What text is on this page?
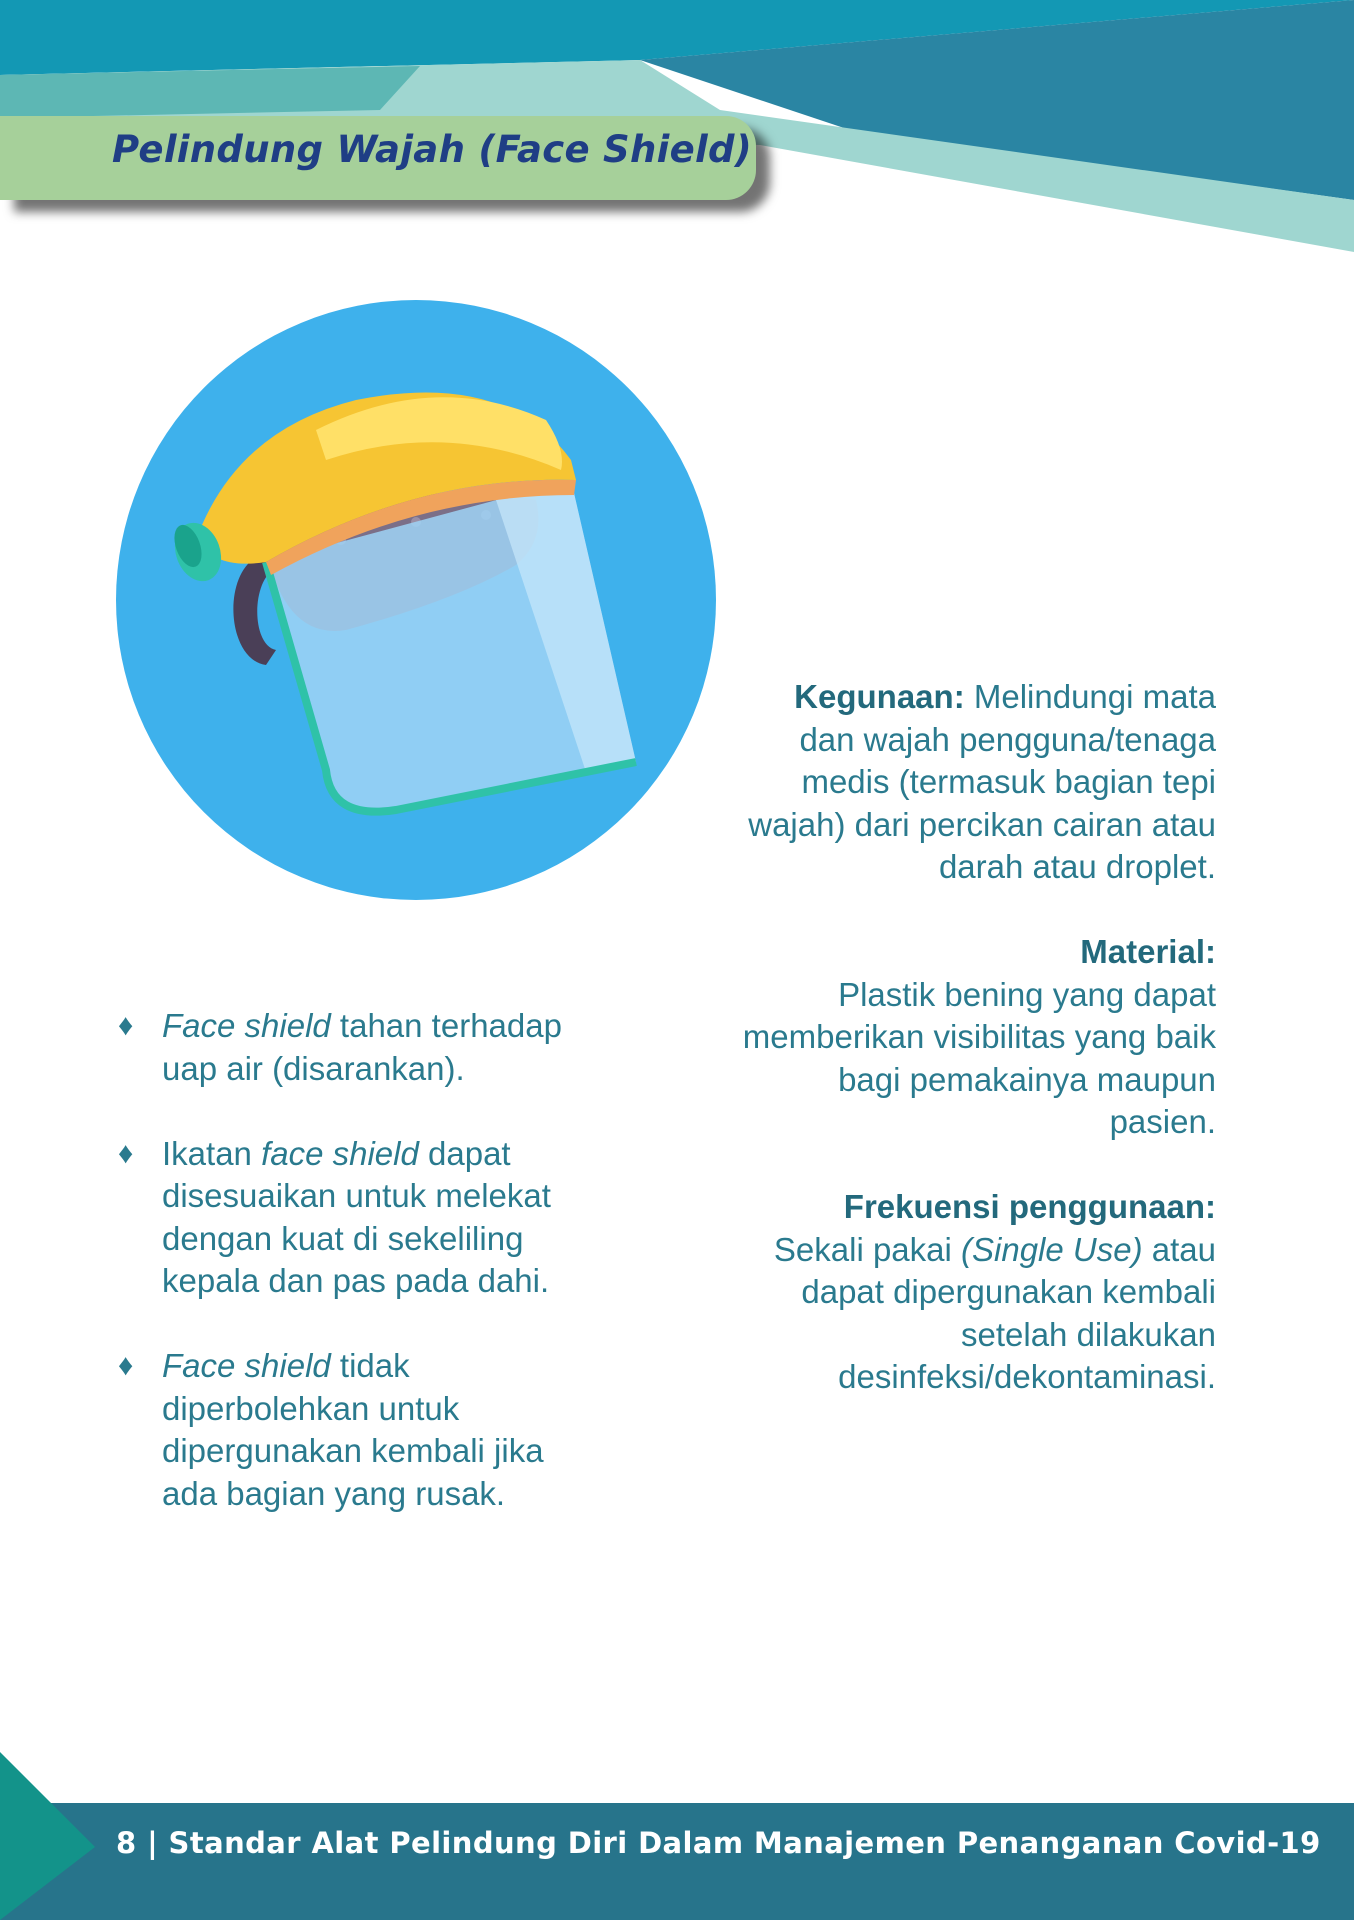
Pelindung Wajah (Face Shield)

Kegunaan: Melindungi mata dan wajah pengguna/tenaga medis (termasuk bagian tepi wajah) dari percikan cairan atau darah atau droplet.

Material:
Plastik bening yang dapat memberikan visibilitas yang baik bagi pemakainya maupun pasien.

Frekuensi penggunaan:
Sekali pakai (Single Use) atau dapat dipergunakan kembali setelah dilakukan desinfeksi/dekontaminasi.

♦ Face shield tahan terhadap uap air (disarankan).
♦ Ikatan face shield dapat disesuaikan untuk melekat dengan kuat di sekeliling kepala dan pas pada dahi.
♦ Face shield tidak diperbolehkan untuk dipergunakan kembali jika ada bagian yang rusak.
8 | Standar Alat Pelindung Diri Dalam Manajemen Penanganan Covid-19
